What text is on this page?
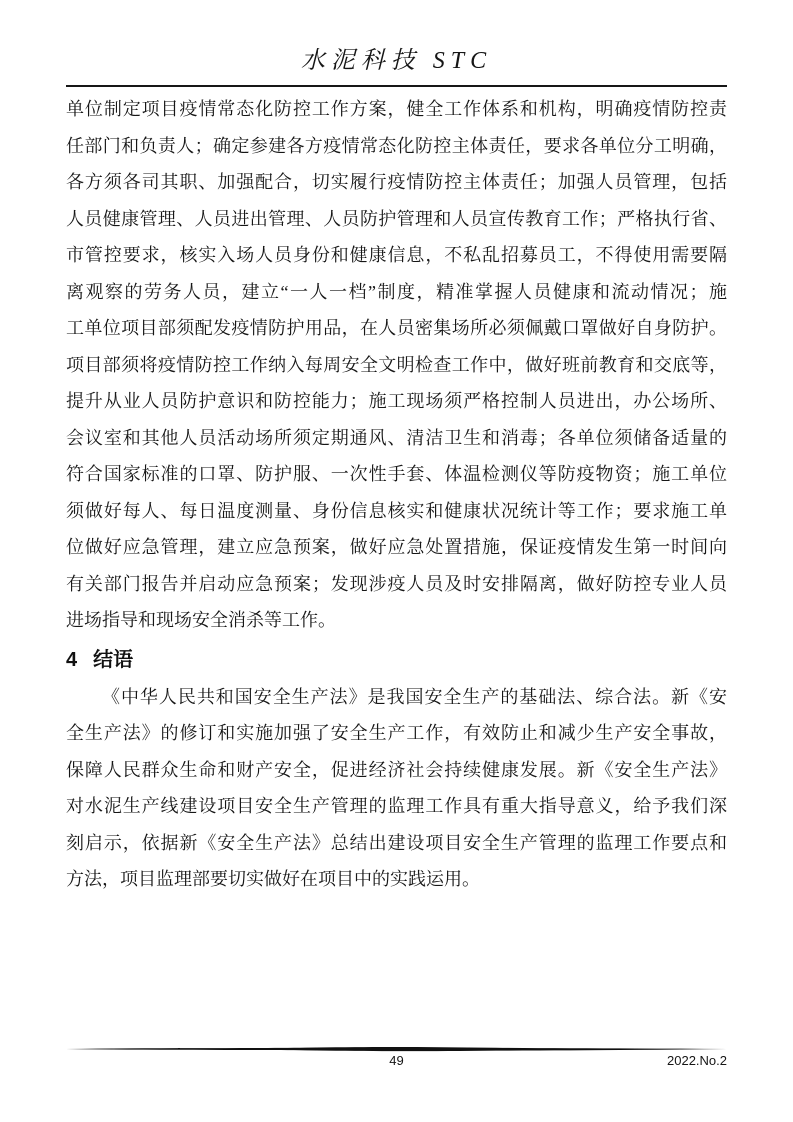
水泥科技 STC
单位制定项目疫情常态化防控工作方案，健全工作体系和机构，明确疫情防控责
任部门和负责人；确定参建各方疫情常态化防控主体责任，要求各单位分工明确，
各方须各司其职、加强配合，切实履行疫情防控主体责任；加强人员管理，包括
人员健康管理、人员进出管理、人员防护管理和人员宣传教育工作；严格执行省、
市管控要求，核实入场人员身份和健康信息，不私乱招募员工，不得使用需要隔
离观察的劳务人员，建立“一人一档”制度，精准掌握人员健康和流动情况；施
工单位项目部须配发疫情防护用品，在人员密集场所必须佩戴口罩做好自身防护。
项目部须将疫情防控工作纳入每周安全文明检查工作中，做好班前教育和交底等，
提升从业人员防护意识和防控能力；施工现场须严格控制人员进出，办公场所、
会议室和其他人员活动场所须定期通风、清洁卫生和消毒；各单位须储备适量的
符合国家标准的口罩、防护服、一次性手套、体温检测仪等防疫物资；施工单位
须做好每人、每日温度测量、身份信息核实和健康状况统计等工作；要求施工单
位做好应急管理，建立应急预案，做好应急处置措施，保证疫情发生第一时间向
有关部门报告并启动应急预案；发现涉疫人员及时安排隔离，做好防控专业人员
进场指导和现场安全消杀等工作。
4 结语
《中华人民共和国安全生产法》是我国安全生产的基础法、综合法。新《安
全生产法》的修订和实施加强了安全生产工作，有效防止和减少生产安全事故，
保障人民群众生命和财产安全，促进经济社会持续健康发展。新《安全生产法》
对水泥生产线建设项目安全生产管理的监理工作具有重大指导意义，给予我们深
刻启示，依据新《安全生产法》总结出建设项目安全生产管理的监理工作要点和
方法，项目监理部要切实做好在项目中的实践运用。
49	2022.No.2
